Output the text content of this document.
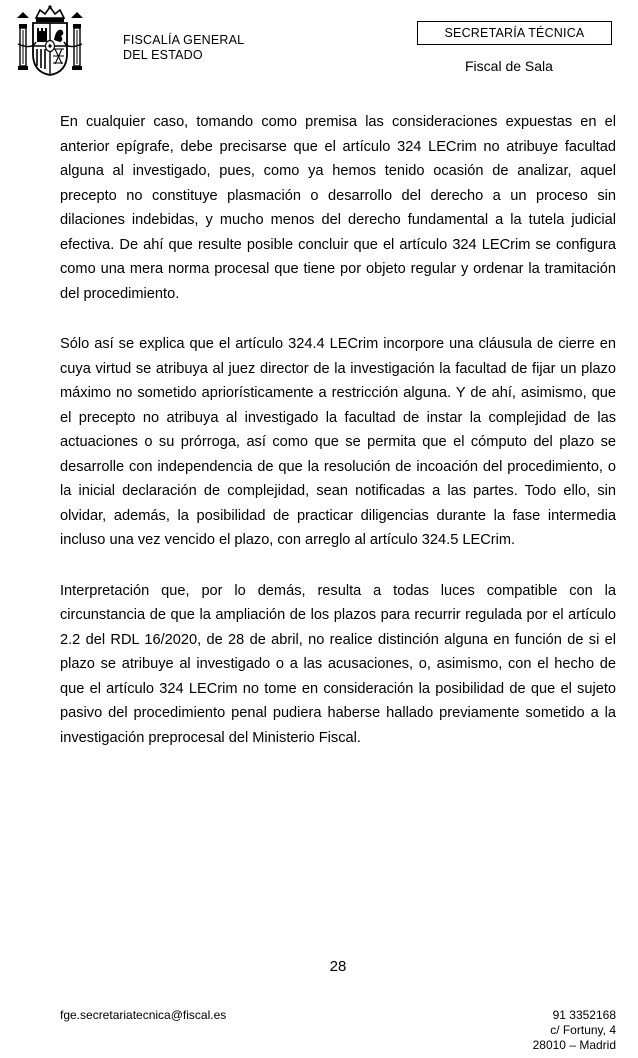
FISCALÍA GENERAL
DEL ESTADO
SECRETARÍA TÉCNICA
Fiscal de Sala

En cualquier caso, tomando como premisa las consideraciones expuestas en el anterior epígrafe, debe precisarse que el artículo 324 LECrim no atribuye facultad alguna al investigado, pues, como ya hemos tenido ocasión de analizar, aquel precepto no constituye plasmación o desarrollo del derecho a un proceso sin dilaciones indebidas, y mucho menos del derecho fundamental a la tutela judicial efectiva. De ahí que resulte posible concluir que el artículo 324 LECrim se configura como una mera norma procesal que tiene por objeto regular y ordenar la tramitación del procedimiento.

Sólo así se explica que el artículo 324.4 LECrim incorpore una cláusula de cierre en cuya virtud se atribuya al juez director de la investigación la facultad de fijar un plazo máximo no sometido apriorísticamente a restricción alguna. Y de ahí, asimismo, que el precepto no atribuya al investigado la facultad de instar la complejidad de las actuaciones o su prórroga, así como que se permita que el cómputo del plazo se desarrolle con independencia de que la resolución de incoación del procedimiento, o la inicial declaración de complejidad, sean notificadas a las partes. Todo ello, sin olvidar, además, la posibilidad de practicar diligencias durante la fase intermedia incluso una vez vencido el plazo, con arreglo al artículo 324.5 LECrim.

Interpretación que, por lo demás, resulta a todas luces compatible con la circunstancia de que la ampliación de los plazos para recurrir regulada por el artículo 2.2 del RDL 16/2020, de 28 de abril, no realice distinción alguna en función de si el plazo se atribuye al investigado o a las acusaciones, o, asimismo, con el hecho de que el artículo 324 LECrim no tome en consideración la posibilidad de que el sujeto pasivo del procedimiento penal pudiera haberse hallado previamente sometido a la investigación preprocesal del Ministerio Fiscal.

28
fge.secretariatecnica@fiscal.es	91 3352168
c/ Fortuny, 4
28010 – Madrid
